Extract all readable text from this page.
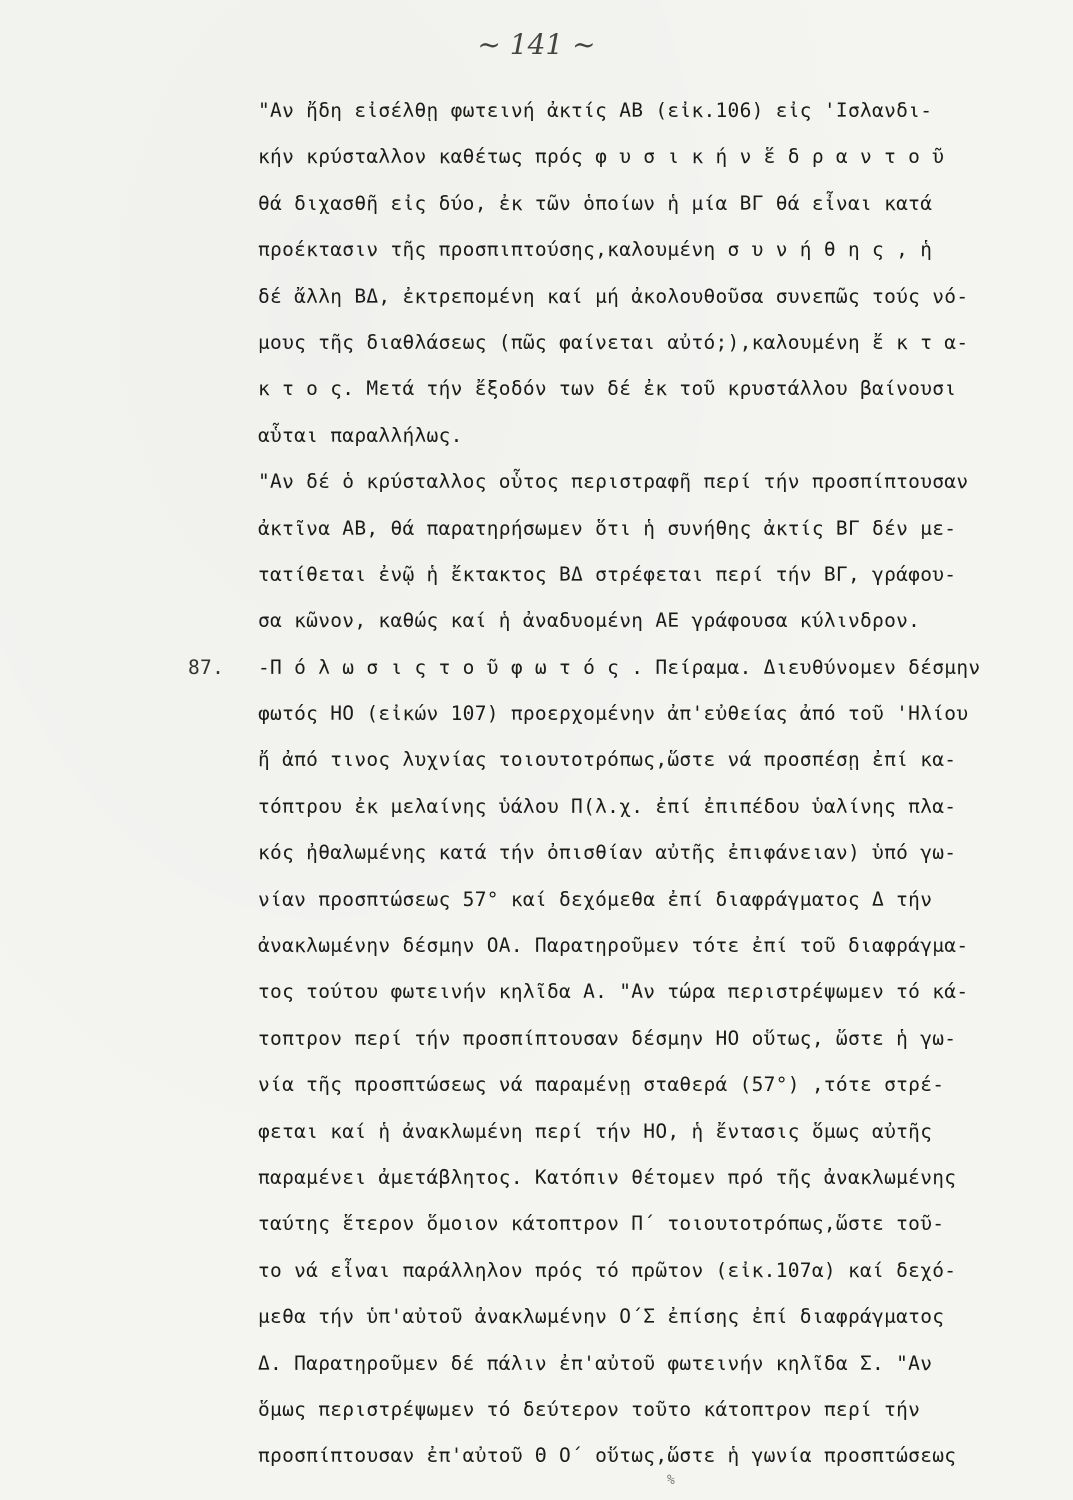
~ 141 ~
"Αν ἤδη εἰσέλθῃ φωτεινή ἀκτίς ΑΒ (εἰκ.106) εἰς 'Ισλανδι-
κήν κρύσταλλον καθέτως πρός φ υ σ ι κ ή ν ἕ δ ρ α ν τ ο ῦ
θά διχασθῆ εἰς δύο, ἐκ τῶν ὁποίων ἡ μία ΒΓ θά εἶναι κατά
προέκτασιν τῆς προσπιπτούσης,καλουμένη σ υ ν ή θ η ς , ἡ
δέ ἄλλη ΒΔ, ἐκτρεπομένη καί μή ἀκολουθοῦσα συνεπῶς τούς νό-
μους τῆς διαθλάσεως (πῶς φαίνεται αὐτό;),καλουμένη ἔ κ τ α-
κ τ ο ς. Μετά τήν ἔξοδόν των δέ ἐκ τοῦ κρυστάλλου βαίνουσι
αὗται παραλλήλως.
"Αν δέ ὁ κρύσταλλος οὗτος περιστραφῆ περί τήν προσπίπτουσαν
ἀκτῖνα ΑΒ, θά παρατηρήσωμεν ὅτι ἡ συνήθης ἀκτίς ΒΓ δέν με-
τατίθεται ἐνῷ ἡ ἔκτακτος ΒΔ στρέφεται περί τήν ΒΓ, γράφου-
σα κῶνον, καθώς καί ἡ ἀναδυομένη ΑΕ γράφουσα κύλινδρον.
87. -Π ό λ ω σ ι ς τ ο ῦ φ ω τ ό ς . Πείραμα. Διευθύνομεν δέσμην
φωτός ΗΟ (εἰκών 107) προερχομένην ἀπ'εὐθείας ἀπό τοῦ 'Ηλίου
ἤ ἀπό τινος λυχνίας τοιουτοτρόπως,ὥστε νά προσπέσῃ ἐπί κα-
τόπτρου ἐκ μελαίνης ὑάλου Π(λ.χ. ἐπί ἐπιπέδου ὑαλίνης πλα-
κός ἠθαλωμένης κατά τήν ὀπισθίαν αὐτῆς ἐπιφάνειαν) ὑπό γω-
νίαν προσπτώσεως 57° καί δεχόμεθα ἐπί διαφράγματος Δ τήν
ἀνακλωμένην δέσμην ΟΑ. Παρατηροῦμεν τότε ἐπί τοῦ διαφράγμα-
τος τούτου φωτεινήν κηλῖδα Α. "Αν τώρα περιστρέψωμεν τό κά-
τοπτρον περί τήν προσπίπτουσαν δέσμην ΗΟ οὕτως, ὥστε ἡ γω-
νία τῆς προσπτώσεως νά παραμένῃ σταθερά (57°) ,τότε στρέ-
φεται καί ἡ ἀνακλωμένη περί τήν ΗΟ, ἡ ἔντασις ὅμως αὐτῆς
παραμένει ἀμετάβλητος. Κατόπιν θέτομεν πρό τῆς ἀνακλωμένης
ταύτης ἕτερον ὅμοιον κάτοπτρον Π΄ τοιουτοτρόπως,ὥστε τοῦ-
το νά εἶναι παράλληλον πρός τό πρῶτον (εἰκ.107α) καί δεχό-
μεθα τήν ὑπ'αὐτοῦ ἀνακλωμένην Ο΄Σ ἐπίσης ἐπί διαφράγματος
Δ. Παρατηροῦμεν δέ πάλιν ἐπ'αὐτοῦ φωτεινήν κηλῖδα Σ. "Αν
ὅμως περιστρέψωμεν τό δεύτερον τοῦτο κάτοπτρον περί τήν
προσπίπτουσαν ἐπ'αὐτοῦ Θ Ο΄ οὕτως,ὥστε ἡ γωνία προσπτώσεως
%
